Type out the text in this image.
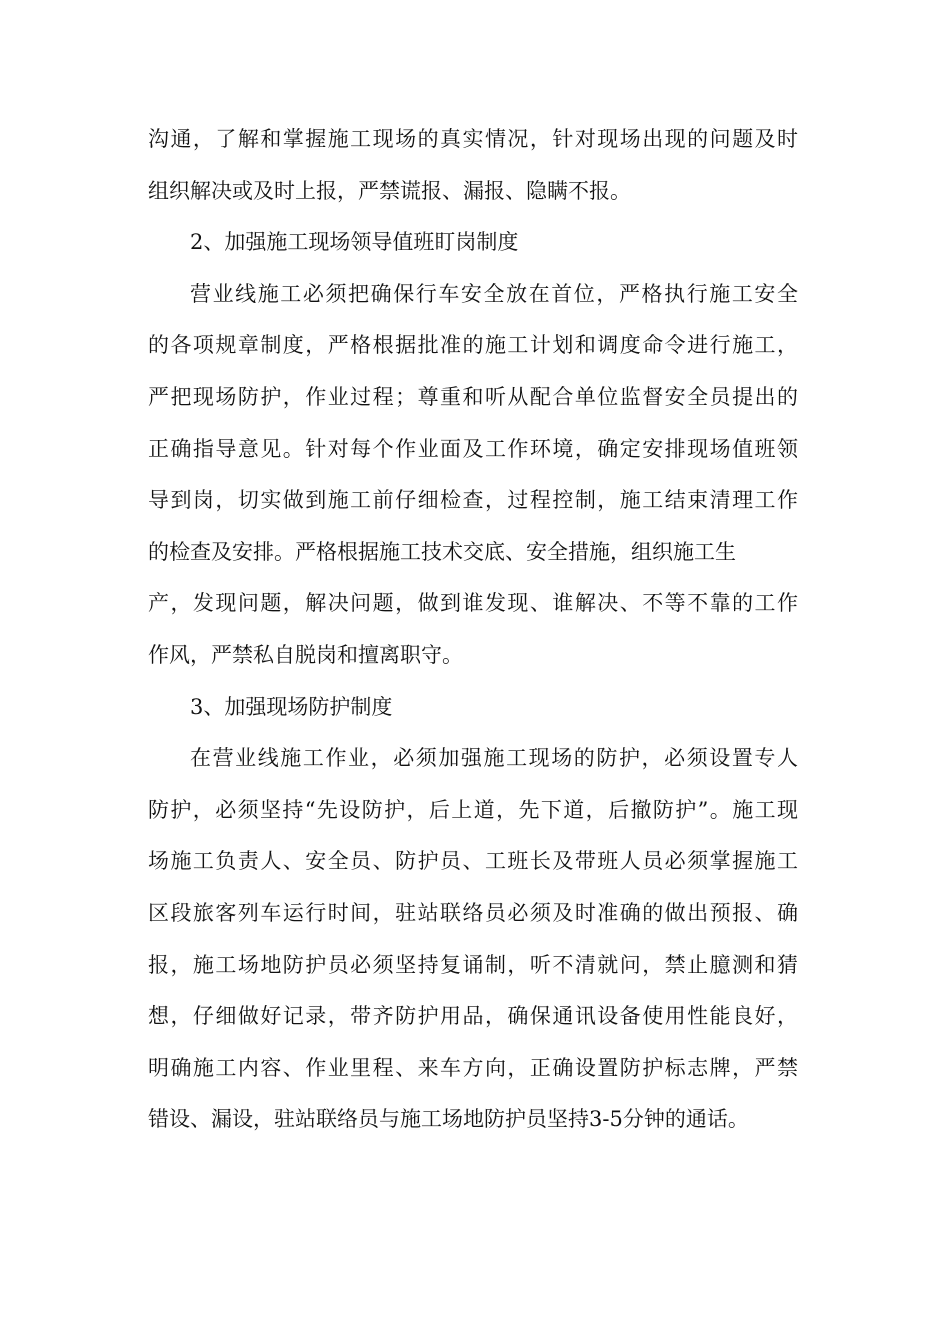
沟通，了解和掌握施工现场的真实情况，针对现场出现的问题及时
组织解决或及时上报，严禁谎报、漏报、隐瞒不报。
2、加强施工现场领导值班盯岗制度
营业线施工必须把确保行车安全放在首位，严格执行施工安全
的各项规章制度，严格根据批准的施工计划和调度命令进行施工，
严把现场防护，作业过程；尊重和听从配合单位监督安全员提出的
正确指导意见。针对每个作业面及工作环境，确定安排现场值班领
导到岗，切实做到施工前仔细检查，过程控制，施工结束清理工作
的检查及安排。严格根据施工技术交底、安全措施，组织施工生
产，发现问题，解决问题，做到谁发现、谁解决、不等不靠的工作
作风，严禁私自脱岗和擅离职守。
3、加强现场防护制度
在营业线施工作业，必须加强施工现场的防护，必须设置专人
防护，必须坚持“先设防护，后上道，先下道，后撤防护”。施工现
场施工负责人、安全员、防护员、工班长及带班人员必须掌握施工
区段旅客列车运行时间，驻站联络员必须及时准确的做出预报、确
报，施工场地防护员必须坚持复诵制，听不清就问，禁止臆测和猜
想，仔细做好记录，带齐防护用品，确保通讯设备使用性能良好，
明确施工内容、作业里程、来车方向，正确设置防护标志牌，严禁
错设、漏设，驻站联络员与施工场地防护员坚持3-5分钟的通话。
